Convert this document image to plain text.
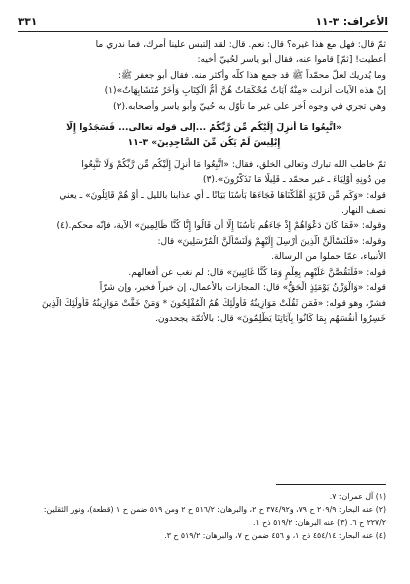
الأعراف: ٣-١١
٣٣١

ثمّ قال: فهل مع هذا غيره؟ قال: نعم. قال: لقد إلتبس علينا أمرك، فما ندري ما

أعطيت! [ثمّ] قاموا عنه، فقال أبو ياسر لحُييّ أخيه:

وما يُدريك لعلّ محمّداً ﷺ قد جمع هذا كلّه وأكثر منه. فقال أبو جعفر ﷺ:

إنّ هذه الآيات أنزلت «مِنْهُ آيَاتٌ مُحْكَمَاتٌ هُنَّ أُمُّ الْكِتَابِ وَأُخَرُ مُتَشَابِهَاتٌ»(١)

وهي تجري في وجوه اُخر على غير ما تأوّل به حُييّ وأبو ياسر وأصحابه.(٢)

«اتَّبِعُوا مَا أُنزِلَ إِلَيْكُم مِّن رَّبِّكُمْ ...إلى قوله تعالى... فَسَجَدُوا إِلَّا

إِبْلِيسَ لَمْ يَكُن مِّنَ السَّاجِدِينَ» ٣-١١

ثمّ خاطب الله تبارك وتعالى الخلق، فقال: «اتَّبِعُوا مَا أُنزِلَ إِلَيْكُم مِّن رَّبِّكُمْ وَلَا تَتَّبِعُوا

مِن دُونِهِ أَوْلِيَاءَ ـ غير محمّد ـ قَلِيلًا مَا تَذَكَّرُونَ».(٣)

قوله: «وَكَم مِّن قَرْيَةٍ أَهْلَكْنَاهَا فَجَاءَهَا بَأْسُنَا بَيَاتًا ـ أي عذابنا بالليل ـ أَوْ هُمْ قَائِلُونَ» ـ يعني

نصف النهار.

وقوله: «فَمَا كَانَ دَعْوَاهُمْ إِذْ جَاءَهُم بَأْسُنَا إِلَّا أَن قَالُوا إِنَّا كُنَّا ظَالِمِينَ» الآية، فإنّه محكم.(٤)

وقوله: «فَلَنَسْأَلَنَّ الَّذِينَ أُرْسِلَ إِلَيْهِمْ وَلَنَسْأَلَنَّ الْمُرْسَلِينَ» قال:

الأنبياء، عمّا حملوا من الرسالة.

قوله: «فَلَنَقُصَّنَّ عَلَيْهِم بِعِلْمٍ وَمَا كُنَّا غَائِبِينَ» قال: لم نغب عن أفعالهم.

قوله: «وَالْوَزْنُ يَوْمَئِذٍ الْحَقُّ» قال: المجازات بالأعمال، إن خيراً فخير، وإن شرّاً

فشرّ، وهو قوله: «فَمَن ثَقُلَتْ مَوَازِينُهُ فَأُولَٰئِكَ هُمُ الْمُفْلِحُونَ * وَمَنْ خَفَّتْ مَوَازِينُهُ فَأُولَٰئِكَ الَّذِينَ

خَسِرُوا أَنفُسَهُم بِمَا كَانُوا بِآيَاتِنَا يَظْلِمُونَ» قال: بالأئمّة يجحدون.

(١) آل عمران: ٧.

(٢) عنه البحار: ٢٠٩/٩ ح ٧٩، و٣٧٤/٩٢ ح ٢، والبرهان: ٥١٦/٢ ح ٢ ومن ٥١٩ ضمن ح ١ (قطعة)، ونور الثقلين:

٢٢٧/٢ ح ٦. (٣) عنه البرهان: ٥١٩/٢ ذح ١.

(٤) عنه البحار: ٤٥٤/١٤ ذح ١، و ٤٥٦ ضمن ح ٧، والبرهان: ٥١٩/٢ ح ٣.
